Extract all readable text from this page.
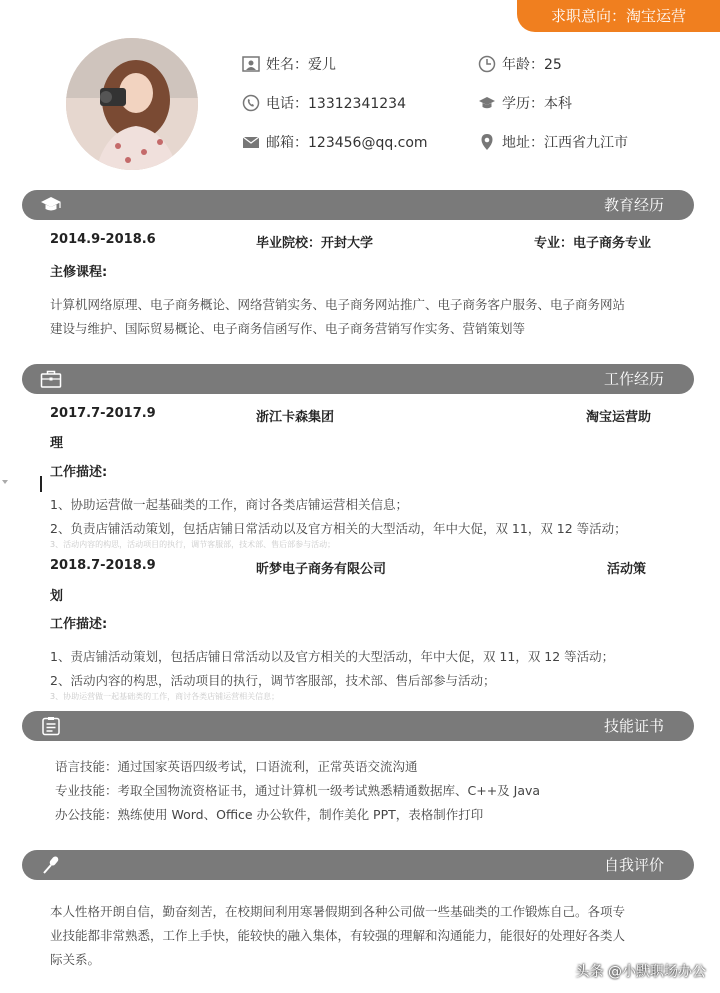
求职意向：淘宝运营
姓名：爱儿	年龄：25
电话：13312341234	学历：本科
邮箱：123456@qq.com	地址：江西省九江市
教育经历
2014.9-2018.6	毕业院校：开封大学	专业：电子商务专业
主修课程:
计算机网络原理、电子商务概论、网络营销实务、电子商务网站推广、电子商务客户服务、电子商务网站
建设与维护、国际贸易概论、电子商务信函写作、电子商务营销写作实务、营销策划等
工作经历
2017.7-2017.9	浙江卡森集团	淘宝运营助
理
工作描述:
1、协助运营做一起基础类的工作，商讨各类店铺运营相关信息；
2、负责店铺活动策划，包括店铺日常活动以及官方相关的大型活动，年中大促，双 11，双 12 等活动；
3、活动内容的构思，活动项目的执行，调节客服部，技术部、售后部参与活动；
2018.7-2018.9	昕梦电子商务有限公司	活动策
划
工作描述:
1、责店铺活动策划，包括店铺日常活动以及官方相关的大型活动，年中大促，双 11，双 12 等活动；
2、活动内容的构思，活动项目的执行，调节客服部，技术部、售后部参与活动；
3、协助运营做一起基础类的工作，商讨各类店铺运营相关信息；
技能证书
语言技能：通过国家英语四级考试，口语流利，正常英语交流沟通
专业技能：考取全国物流资格证书，通过计算机一级考试熟悉精通数据库、C++及 Java
办公技能：熟练使用 Word、Office 办公软件，制作美化 PPT，表格制作打印
自我评价
本人性格开朗自信，勤奋刻苦，在校期间利用寒暑假期到各种公司做一些基础类的工作锻炼自己。各项专
业技能都非常熟悉，工作上手快，能较快的融入集体，有较强的理解和沟通能力，能很好的处理好各类人
际关系。
头条 @小默职场办公
